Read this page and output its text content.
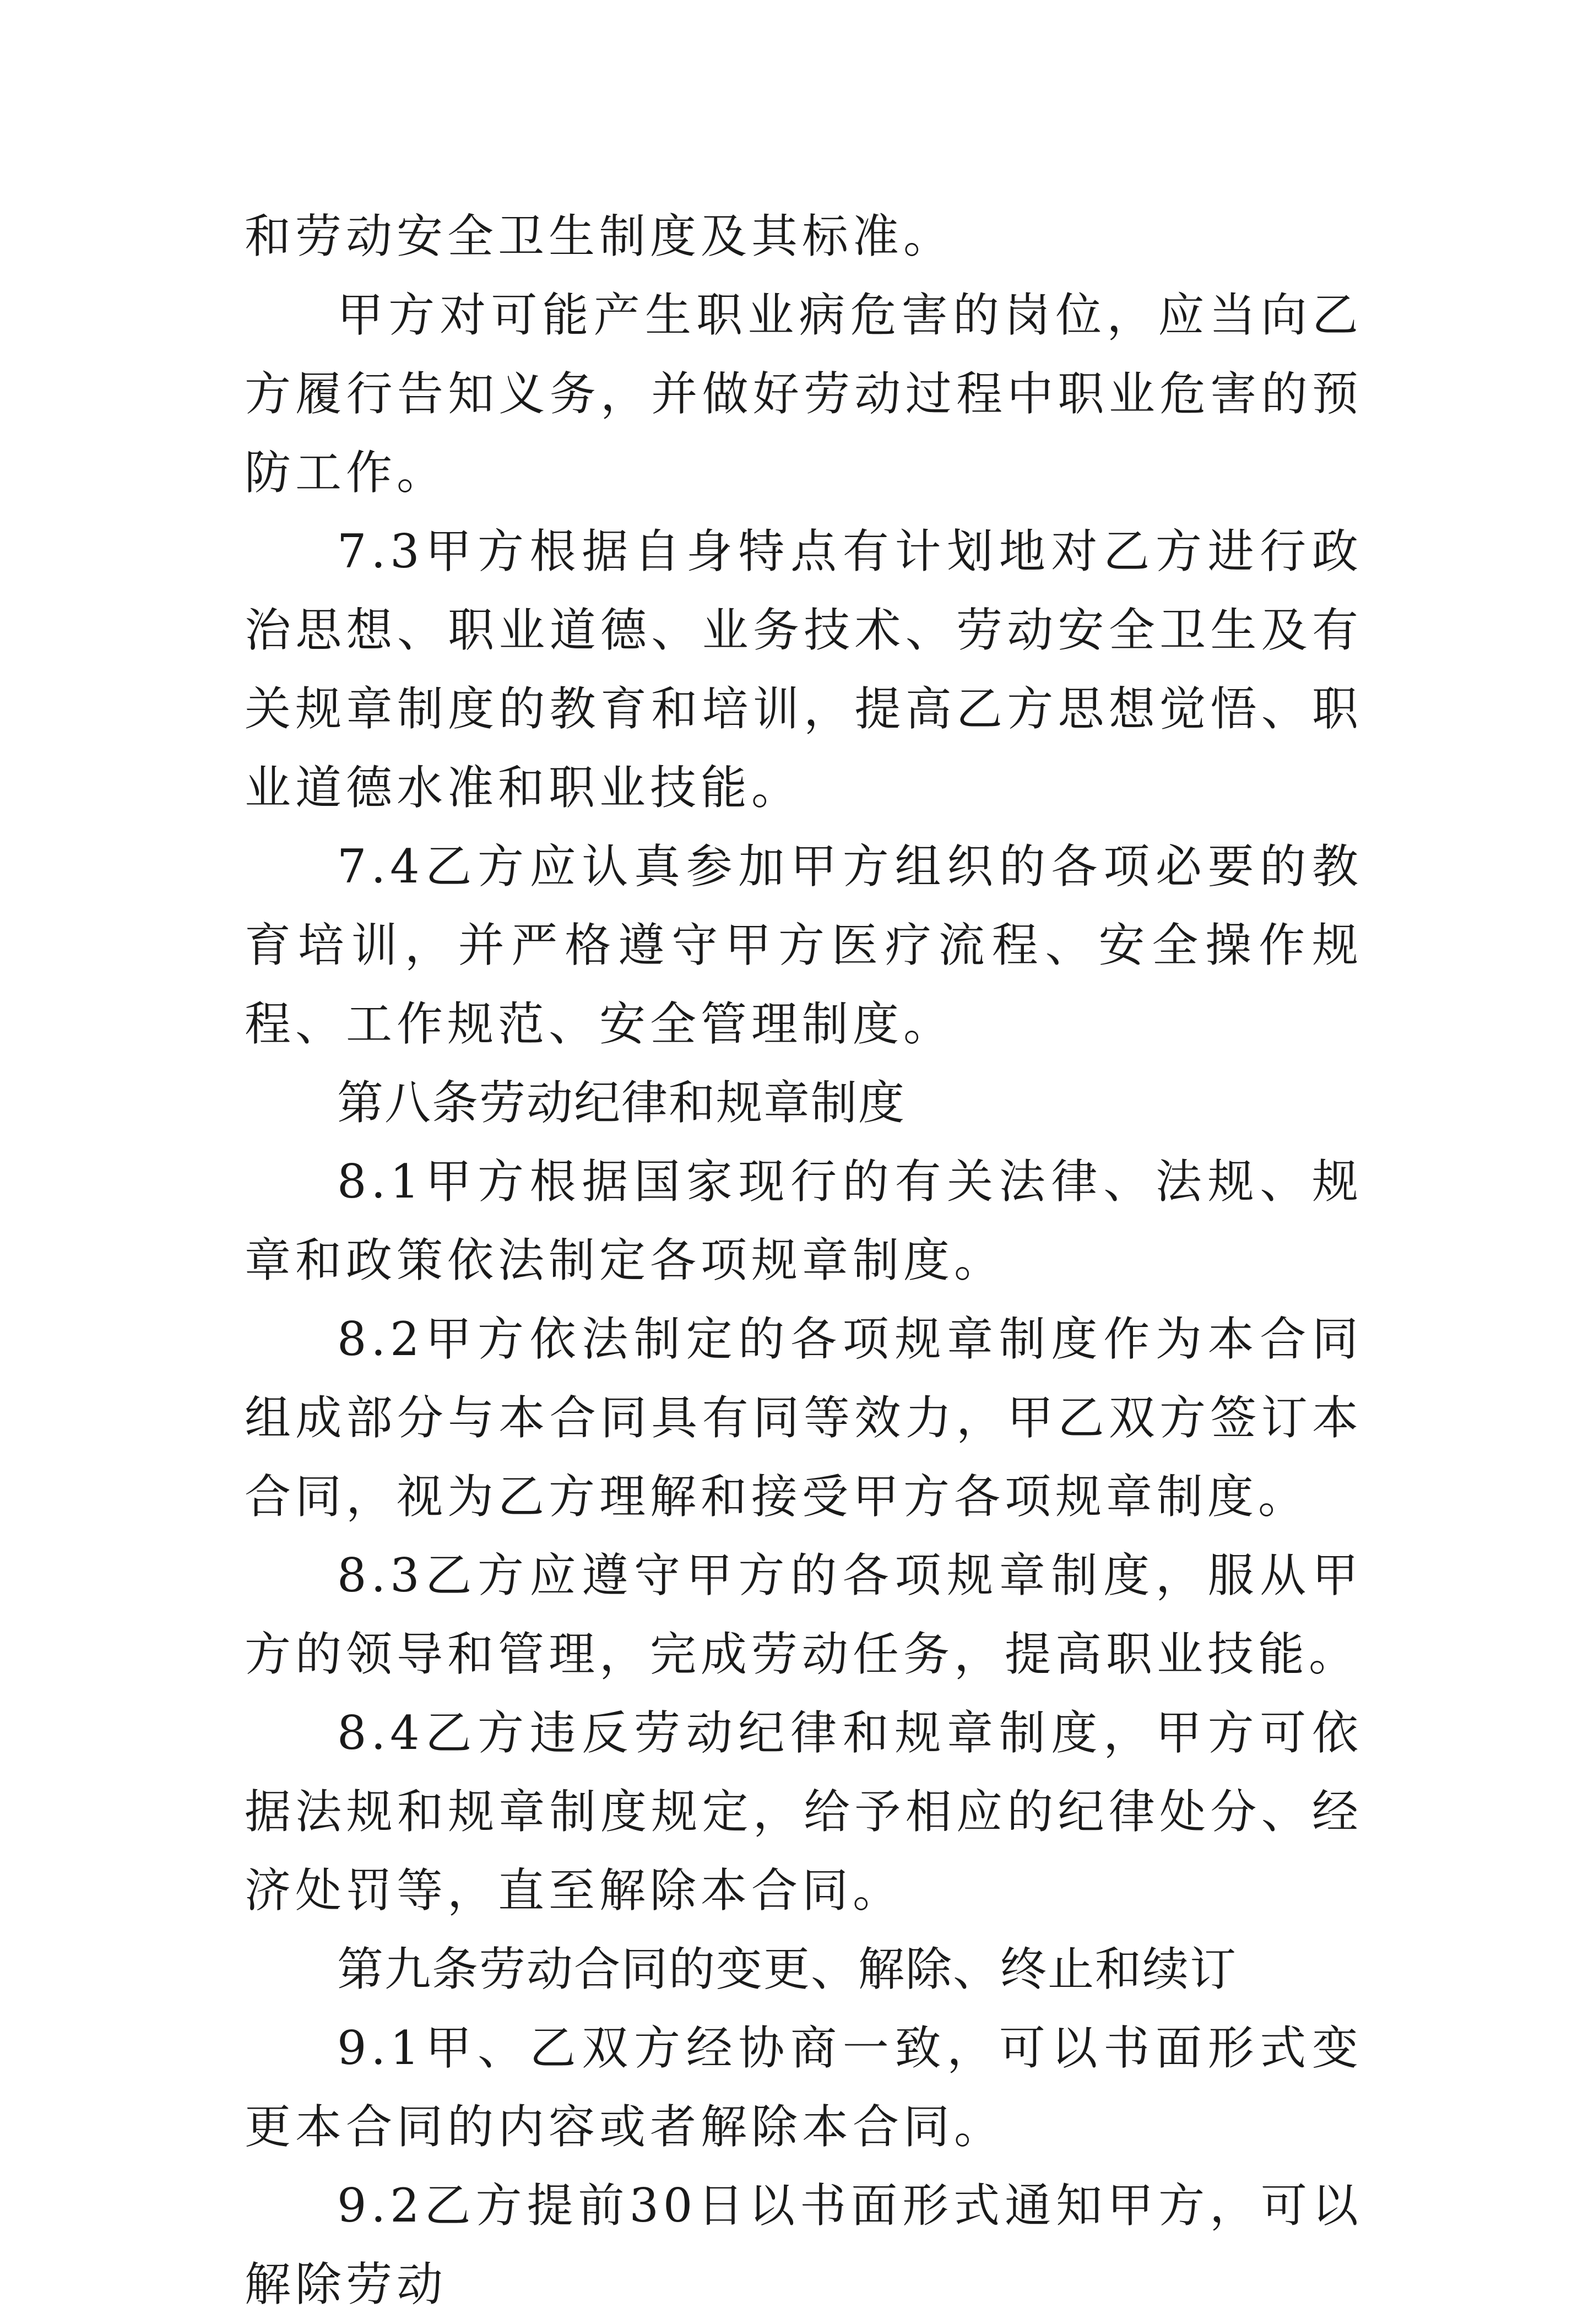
和劳动安全卫生制度及其标准。

甲方对可能产生职业病危害的岗位，应当向乙方履行告知义务，并做好劳动过程中职业危害的预防工作。

7.3甲方根据自身特点有计划地对乙方进行政治思想、职业道德、业务技术、劳动安全卫生及有关规章制度的教育和培训，提高乙方思想觉悟、职业道德水准和职业技能。

7.4乙方应认真参加甲方组织的各项必要的教育培训，并严格遵守甲方医疗流程、安全操作规程、工作规范、安全管理制度。

第八条劳动纪律和规章制度

8.1甲方根据国家现行的有关法律、法规、规章和政策依法制定各项规章制度。

8.2甲方依法制定的各项规章制度作为本合同组成部分与本合同具有同等效力，甲乙双方签订本合同，视为乙方理解和接受甲方各项规章制度。

8.3乙方应遵守甲方的各项规章制度，服从甲方的领导和管理，完成劳动任务，提高职业技能。

8.4乙方违反劳动纪律和规章制度，甲方可依据法规和规章制度规定，给予相应的纪律处分、经济处罚等，直至解除本合同。

第九条劳动合同的变更、解除、终止和续订

9.1甲、乙双方经协商一致，可以书面形式变更本合同的内容或者解除本合同。

9.2乙方提前30日以书面形式通知甲方，可以解除劳动
